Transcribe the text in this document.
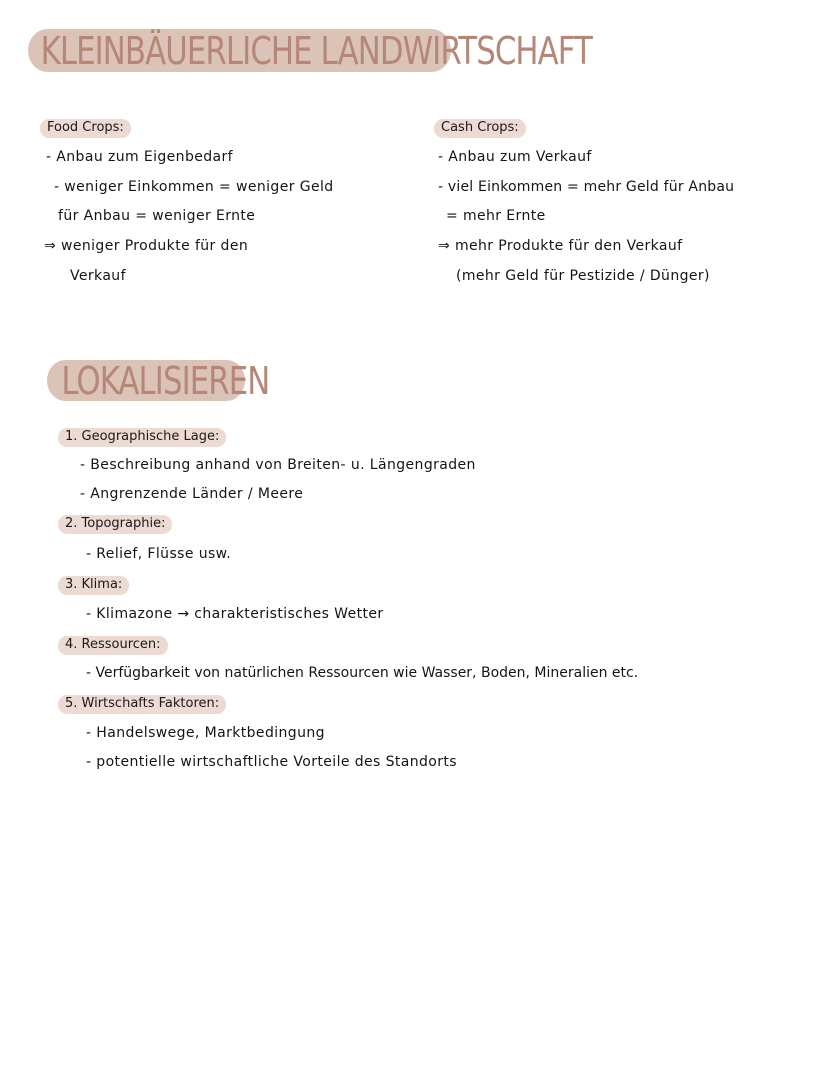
KLEINBÄUERLICHE LANDWIRTSCHAFT
Food Crops:
- Anbau zum Eigenbedarf
- weniger Einkommen = weniger Geld
für Anbau = weniger Ernte
⇒ weniger Produkte für den
Verkauf
Cash Crops:
- Anbau zum Verkauf
- viel Einkommen = mehr Geld für Anbau
= mehr Ernte
⇒ mehr Produkte für den Verkauf
(mehr Geld für Pestizide / Dünger)
LOKALISIEREN
1. Geographische Lage:
- Beschreibung anhand von Breiten- u. Längengraden
- Angrenzende Länder / Meere
2. Topographie:
- Relief, Flüsse usw.
3. Klima:
- Klimazone → charakteristisches Wetter
4. Ressourcen:
- Verfügbarkeit von natürlichen Ressourcen wie Wasser, Boden, Mineralien etc.
5. Wirtschafts Faktoren:
- Handelswege, Marktbedingung
- potentielle wirtschaftliche Vorteile des Standorts
